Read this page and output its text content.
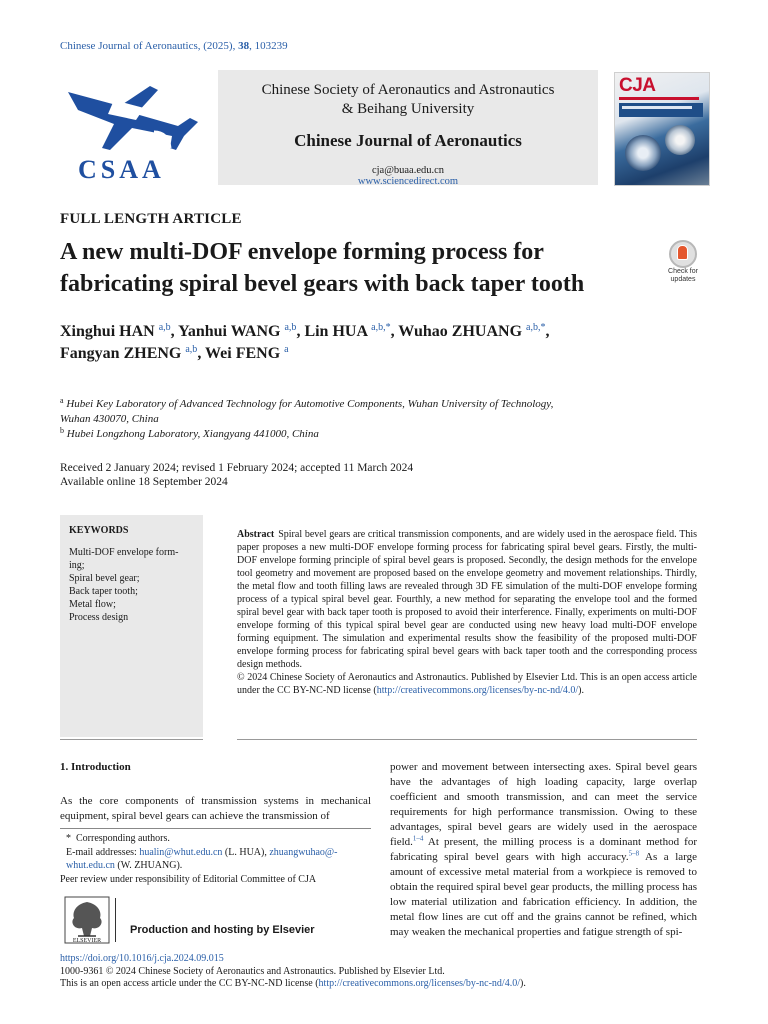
Chinese Journal of Aeronautics, (2025), 38, 103239
CSAA
Chinese Society of Aeronautics and Astronautics
& Beihang University
Chinese Journal of Aeronautics
cja@buaa.edu.cn
www.sciencedirect.com
CJA
FULL LENGTH ARTICLE
A new multi-DOF envelope forming process for
fabricating spiral bevel gears with back taper tooth	Check for
updates
Xinghui HAN $^{a,b}$, Yanhui WANG $^{a,b}$, Lin HUA $^{a,b,*}$, Wuhao ZHUANG $^{a,b,*}$,
Fangyan ZHENG $^{a,b}$, Wei FENG $^a$
$^a$ Hubei Key Laboratory of Advanced Technology for Automotive Components, Wuhan University of Technology,
Wuhan 430070, China
$^b$ Hubei Longzhong Laboratory, Xiangyang 441000, China
Received 2 January 2024; revised 1 February 2024; accepted 11 March 2024
Available online 18 September 2024
KEYWORDS
Multi-DOF envelope form-
ing;
Spiral bevel gear;
Back taper tooth;
Metal flow;
Process design
Abstract Spiral bevel gears are critical transmission components, and are widely used in the aerospace field. This paper proposes a new multi-DOF envelope forming process for fabricating spiral bevel gears. Firstly, the multi-DOF envelope forming principle of spiral bevel gears is proposed. Secondly, the design methods for the envelope tool geometry and movement are proposed based on the envelope geometry and movement relationships. Thirdly, the metal flow and tooth filling laws are revealed through 3D FE simulation of the multi-DOF envelope forming process of a typical spiral bevel gear. Fourthly, a new method for separating the envelope tool and the formed spiral bevel gear with back taper tooth is proposed to avoid their interference. Finally, experiments on multi-DOF envelope forming of this typical spiral bevel gear are conducted using new heavy load multi-DOF envelope forming equipment. The simulation and experimental results show the feasibility of the proposed multi-DOF envelope forming process for fabricating spiral bevel gears with back taper tooth and the corresponding process design methods.
© 2024 Chinese Society of Aeronautics and Astronautics. Published by Elsevier Ltd. This is an open access article under the CC BY-NC-ND license (http://creativecommons.org/licenses/by-nc-nd/4.0/).
1. Introduction
As the core components of transmission systems in mechanical equipment, spiral bevel gears can achieve the transmission of
*  Corresponding authors.
E-mail addresses: hualin@whut.edu.cn (L. HUA), zhuangwuhao@-
whut.edu.cn (W. ZHUANG).
Peer review under responsibility of Editorial Committee of CJA
ELSEVIER
Production and hosting by Elsevier
power and movement between intersecting axes. Spiral bevel gears have the advantages of high loading capacity, large overlap coefficient and smooth transmission, and can meet the service requirements for high performance transmission. Owing to these advantages, spiral bevel gears are widely used in the aerospace field.$^{1-4}$ At present, the milling process is a dominant method for fabricating spiral bevel gears with high accuracy.$^{5-8}$ As a large amount of excessive metal material from a workpiece is removed to obtain the required spiral bevel gear products, the milling process has low material utilization and fabrication efficiency. In addition, the metal flow lines are cut off and the grains cannot be refined, which may weaken the mechanical properties and fatigue strength of spi-
https://doi.org/10.1016/j.cja.2024.09.015
1000-9361 © 2024 Chinese Society of Aeronautics and Astronautics. Published by Elsevier Ltd.
This is an open access article under the CC BY-NC-ND license (http://creativecommons.org/licenses/by-nc-nd/4.0/).
